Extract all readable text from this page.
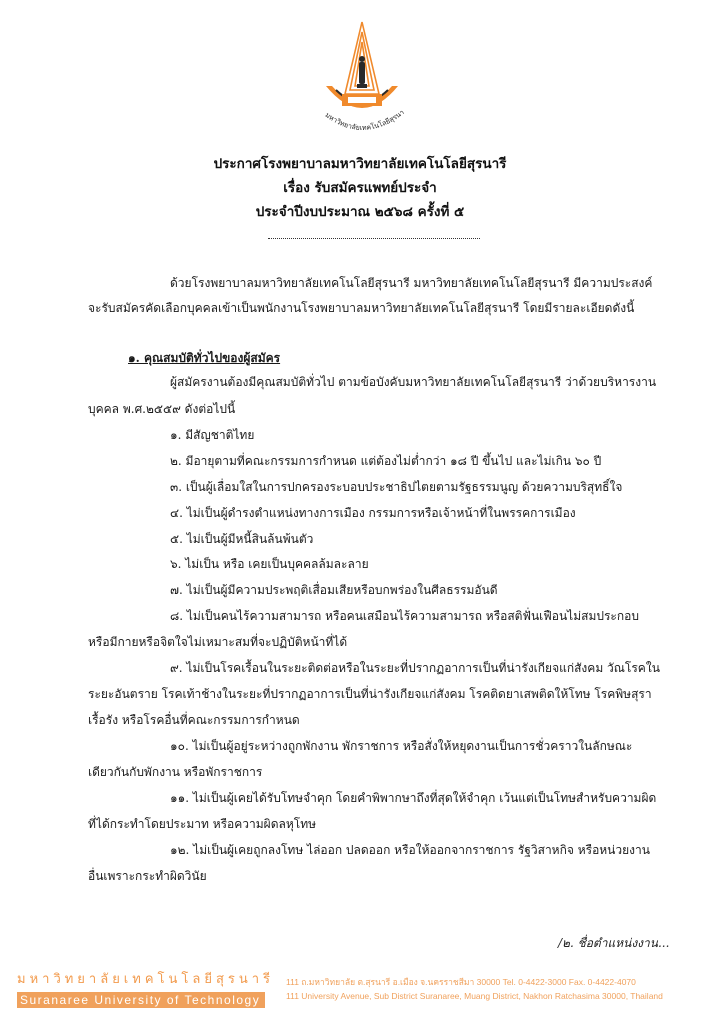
มหาวิทยาลัยเทคโนโลยีสุรนา
ประกาศโรงพยาบาลมหาวิทยาลัยเทคโนโลยีสุรนารี
เรื่อง รับสมัครแพทย์ประจำ
ประจำปีงบประมาณ ๒๕๖๘ ครั้งที่ ๕
ด้วยโรงพยาบาลมหาวิทยาลัยเทคโนโลยีสุรนารี มหาวิทยาลัยเทคโนโลยีสุรนารี มีความประสงค์
จะรับสมัครคัดเลือกบุคคลเข้าเป็นพนักงานโรงพยาบาลมหาวิทยาลัยเทคโนโลยีสุรนารี โดยมีรายละเอียดดังนี้
๑. คุณสมบัติทั่วไปของผู้สมัคร
ผู้สมัครงานต้องมีคุณสมบัติทั่วไป ตามข้อบังคับมหาวิทยาลัยเทคโนโลยีสุรนารี ว่าด้วยบริหารงาน
บุคคล พ.ศ.๒๕๕๙ ดังต่อไปนี้
๑. มีสัญชาติไทย
๒. มีอายุตามที่คณะกรรมการกำหนด แต่ต้องไม่ต่ำกว่า ๑๘ ปี ขึ้นไป และไม่เกิน ๖๐ ปี
๓. เป็นผู้เลื่อมใสในการปกครองระบอบประชาธิปไตยตามรัฐธรรมนูญ ด้วยความบริสุทธิ์ใจ
๔. ไม่เป็นผู้ดำรงตำแหน่งทางการเมือง กรรมการหรือเจ้าหน้าที่ในพรรคการเมือง
๕. ไม่เป็นผู้มีหนี้สินล้นพ้นตัว
๖. ไม่เป็น หรือ เคยเป็นบุคคลล้มละลาย
๗. ไม่เป็นผู้มีความประพฤติเสื่อมเสียหรือบกพร่องในศีลธรรมอันดี
๘. ไม่เป็นคนไร้ความสามารถ หรือคนเสมือนไร้ความสามารถ หรือสติฟั่นเฟือนไม่สมประกอบ
หรือมีกายหรือจิตใจไม่เหมาะสมที่จะปฏิบัติหน้าที่ได้
๙. ไม่เป็นโรคเรื้อนในระยะติดต่อหรือในระยะที่ปรากฏอาการเป็นที่น่ารังเกียจแก่สังคม วัณโรคใน
ระยะอันตราย โรคเท้าช้างในระยะที่ปรากฏอาการเป็นที่น่ารังเกียจแก่สังคม โรคติดยาเสพติดให้โทษ โรคพิษสุรา
เรื้อรัง หรือโรคอื่นที่คณะกรรมการกำหนด
๑๐. ไม่เป็นผู้อยู่ระหว่างถูกพักงาน พักราชการ หรือสั่งให้หยุดงานเป็นการชั่วคราวในลักษณะ
เดียวกันกับพักงาน หรือพักราชการ
๑๑. ไม่เป็นผู้เคยได้รับโทษจำคุก โดยคำพิพากษาถึงที่สุดให้จำคุก เว้นแต่เป็นโทษสำหรับความผิด
ที่ได้กระทำโดยประมาท หรือความผิดลหุโทษ
๑๒. ไม่เป็นผู้เคยถูกลงโทษ ไล่ออก ปลดออก หรือให้ออกจากราชการ รัฐวิสาหกิจ หรือหน่วยงาน
อื่นเพราะกระทำผิดวินัย
/๒. ชื่อตำแหน่งงาน...
มหาวิทยาลัยเทคโนโลยีสุรนารี
Suranaree University of Technology
111 ถ.มหาวิทยาลัย ต.สุรนารี อ.เมือง จ.นครราชสีมา 30000 Tel. 0-4422-3000 Fax. 0-4422-4070
111 University Avenue, Sub District Suranaree, Muang District, Nakhon Ratchasima 30000, Thailand
